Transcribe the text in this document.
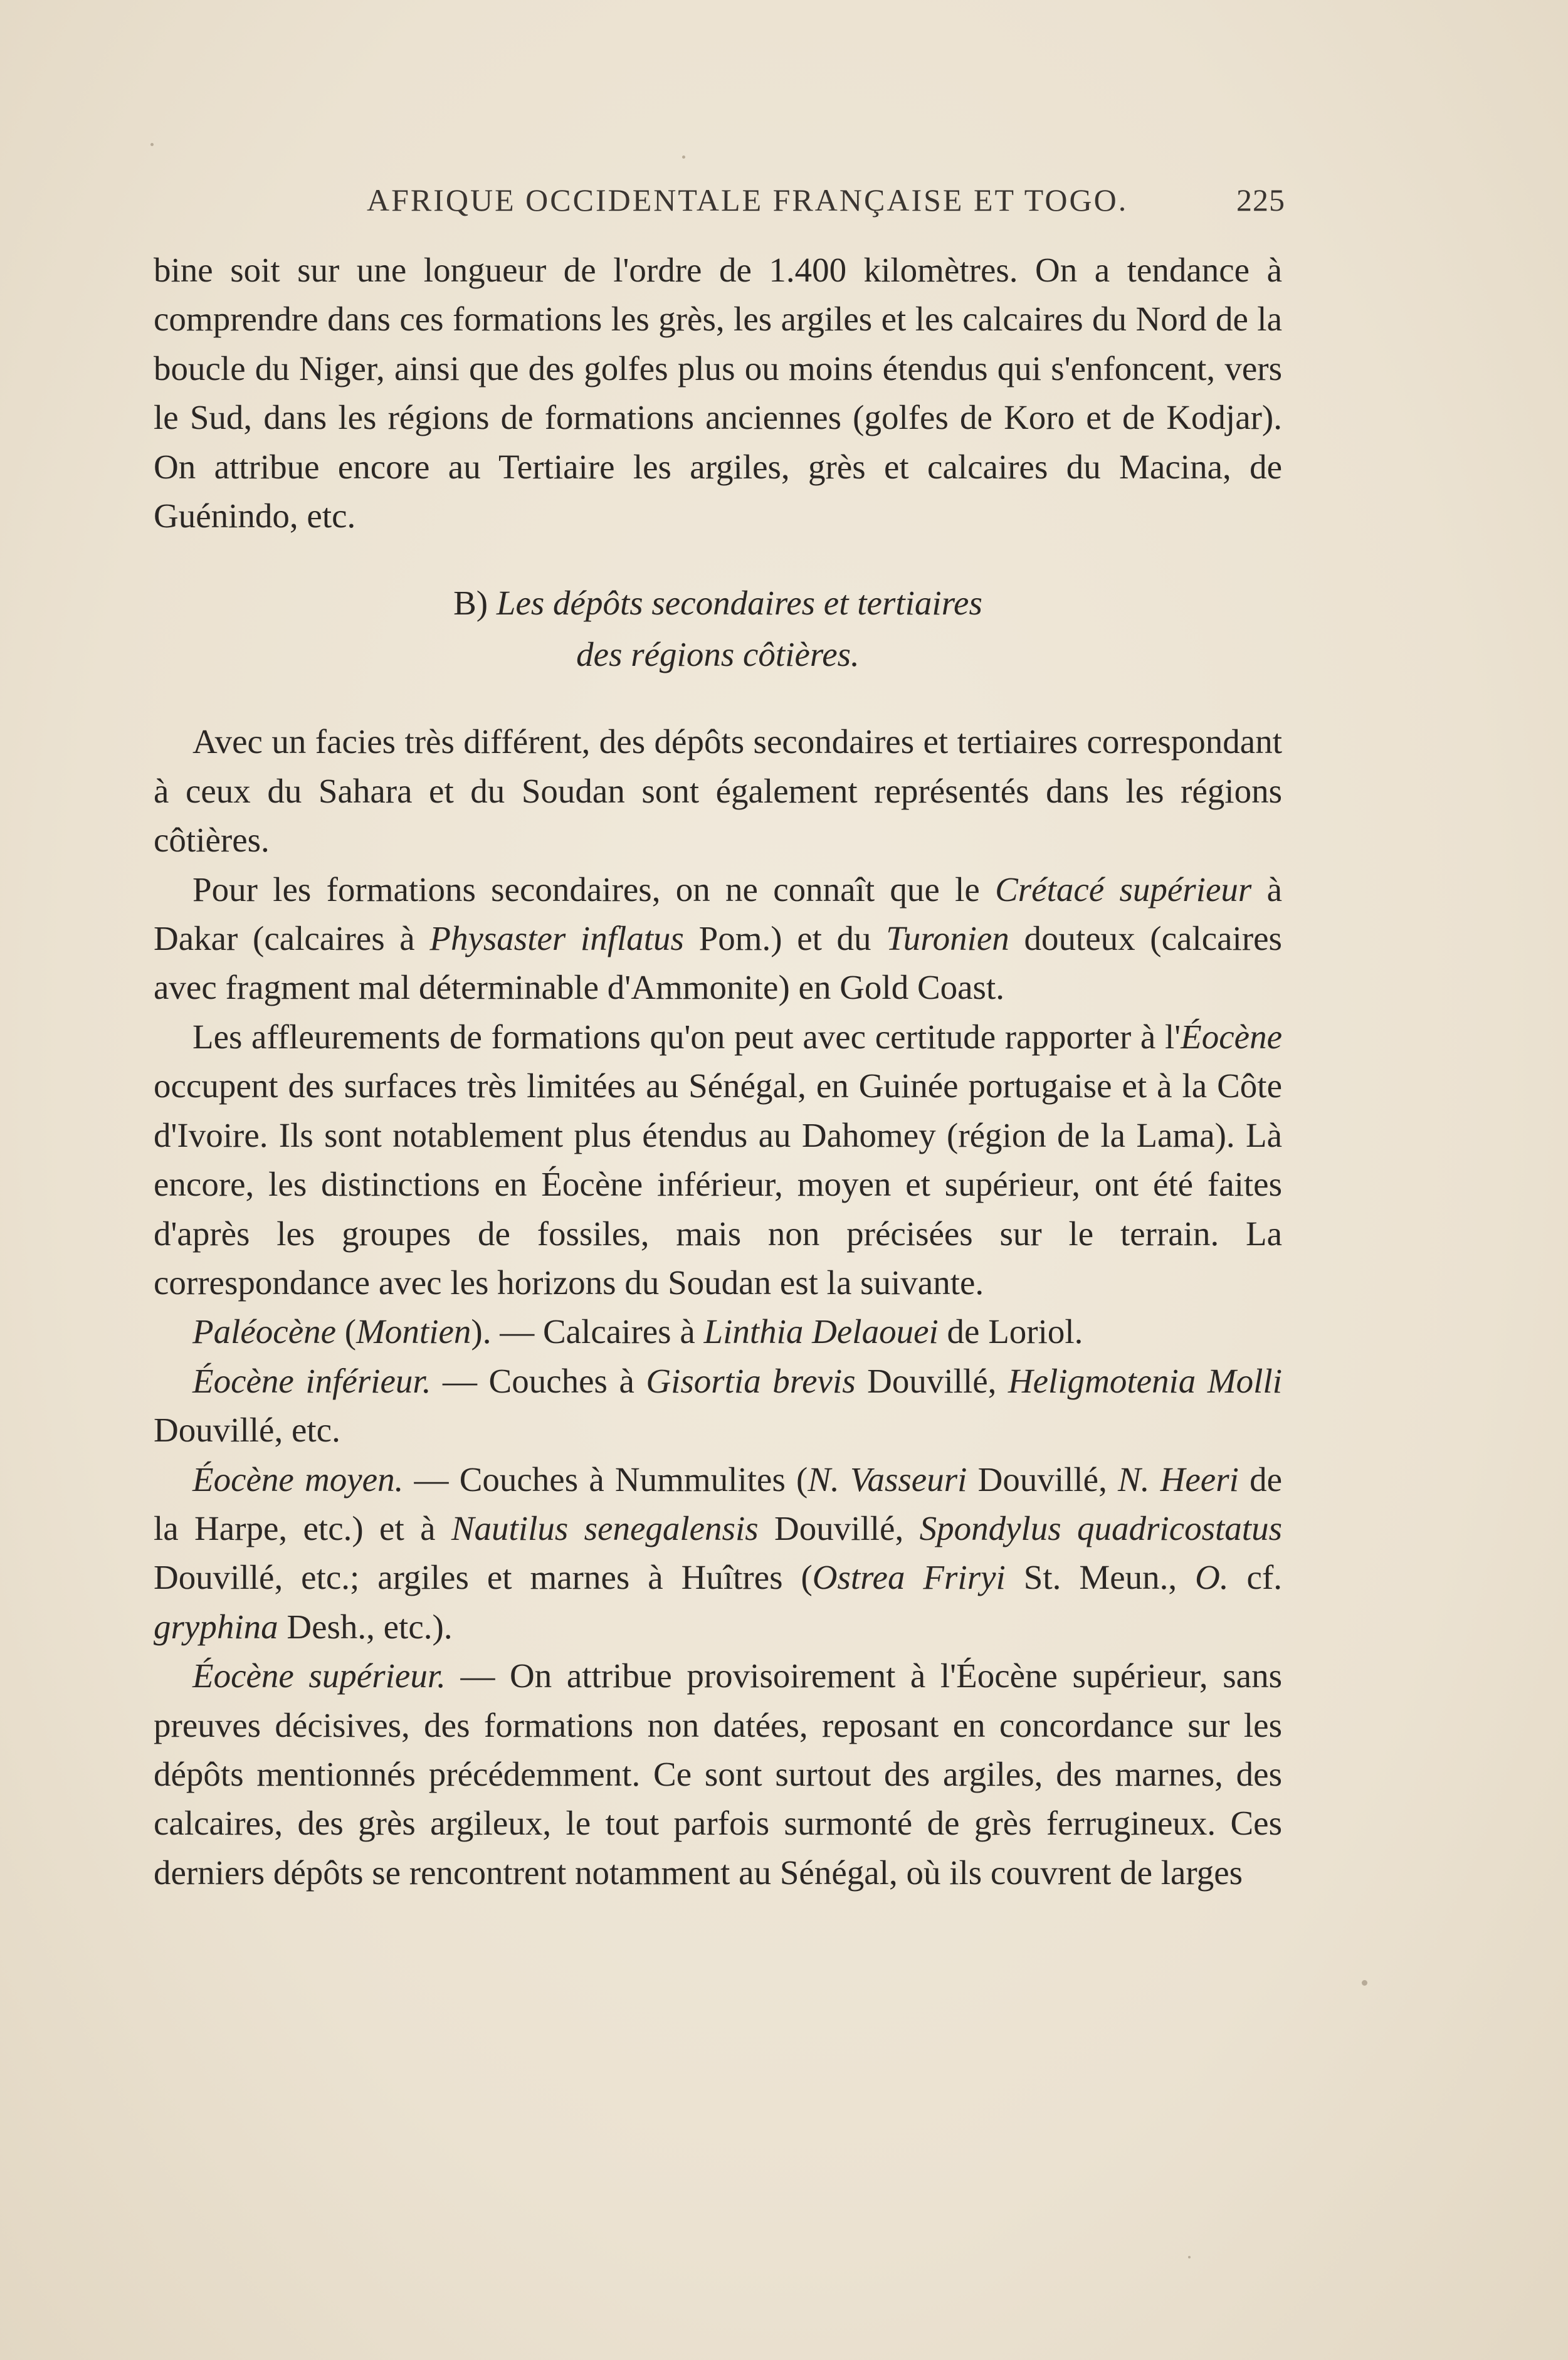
AFRIQUE OCCIDENTALE FRANÇAISE ET TOGO.	225

bine soit sur une longueur de l'ordre de 1.400 kilomètres. On a tendance à comprendre dans ces formations les grès, les argiles et les calcaires du Nord de la boucle du Niger, ainsi que des golfes plus ou moins étendus qui s'enfoncent, vers le Sud, dans les régions de formations anciennes (golfes de Koro et de Kodjar). On attribue encore au Tertiaire les argiles, grès et calcaires du Macina, de Guénindo, etc.

B) Les dépôts secondaires et tertiaires
des régions côtières.

Avec un facies très différent, des dépôts secondaires et tertiaires correspondant à ceux du Sahara et du Soudan sont également représentés dans les régions côtières.

Pour les formations secondaires, on ne connaît que le Crétacé supérieur à Dakar (calcaires à Physaster inflatus Pom.) et du Turonien douteux (calcaires avec fragment mal déterminable d'Ammonite) en Gold Coast.

Les affleurements de formations qu'on peut avec certitude rapporter à l'Éocène occupent des surfaces très limitées au Sénégal, en Guinée portugaise et à la Côte d'Ivoire. Ils sont notablement plus étendus au Dahomey (région de la Lama). Là encore, les distinctions en Éocène inférieur, moyen et supérieur, ont été faites d'après les groupes de fossiles, mais non précisées sur le terrain. La correspondance avec les horizons du Soudan est la suivante.

Paléocène (Montien). — Calcaires à Linthia Delaouei de Loriol.

Éocène inférieur. — Couches à Gisortia brevis Douvillé, Heligmotenia Molli Douvillé, etc.

Éocène moyen. — Couches à Nummulites (N. Vasseuri Douvillé, N. Heeri de la Harpe, etc.) et à Nautilus senegalensis Douvillé, Spondylus quadricostatus Douvillé, etc.; argiles et marnes à Huîtres (Ostrea Friryi St. Meun., O. cf. gryphina Desh., etc.).

Éocène supérieur. — On attribue provisoirement à l'Éocène supérieur, sans preuves décisives, des formations non datées, reposant en concordance sur les dépôts mentionnés précédemment. Ce sont surtout des argiles, des marnes, des calcaires, des grès argileux, le tout parfois surmonté de grès ferrugineux. Ces derniers dépôts se rencontrent notamment au Sénégal, où ils couvrent de larges
